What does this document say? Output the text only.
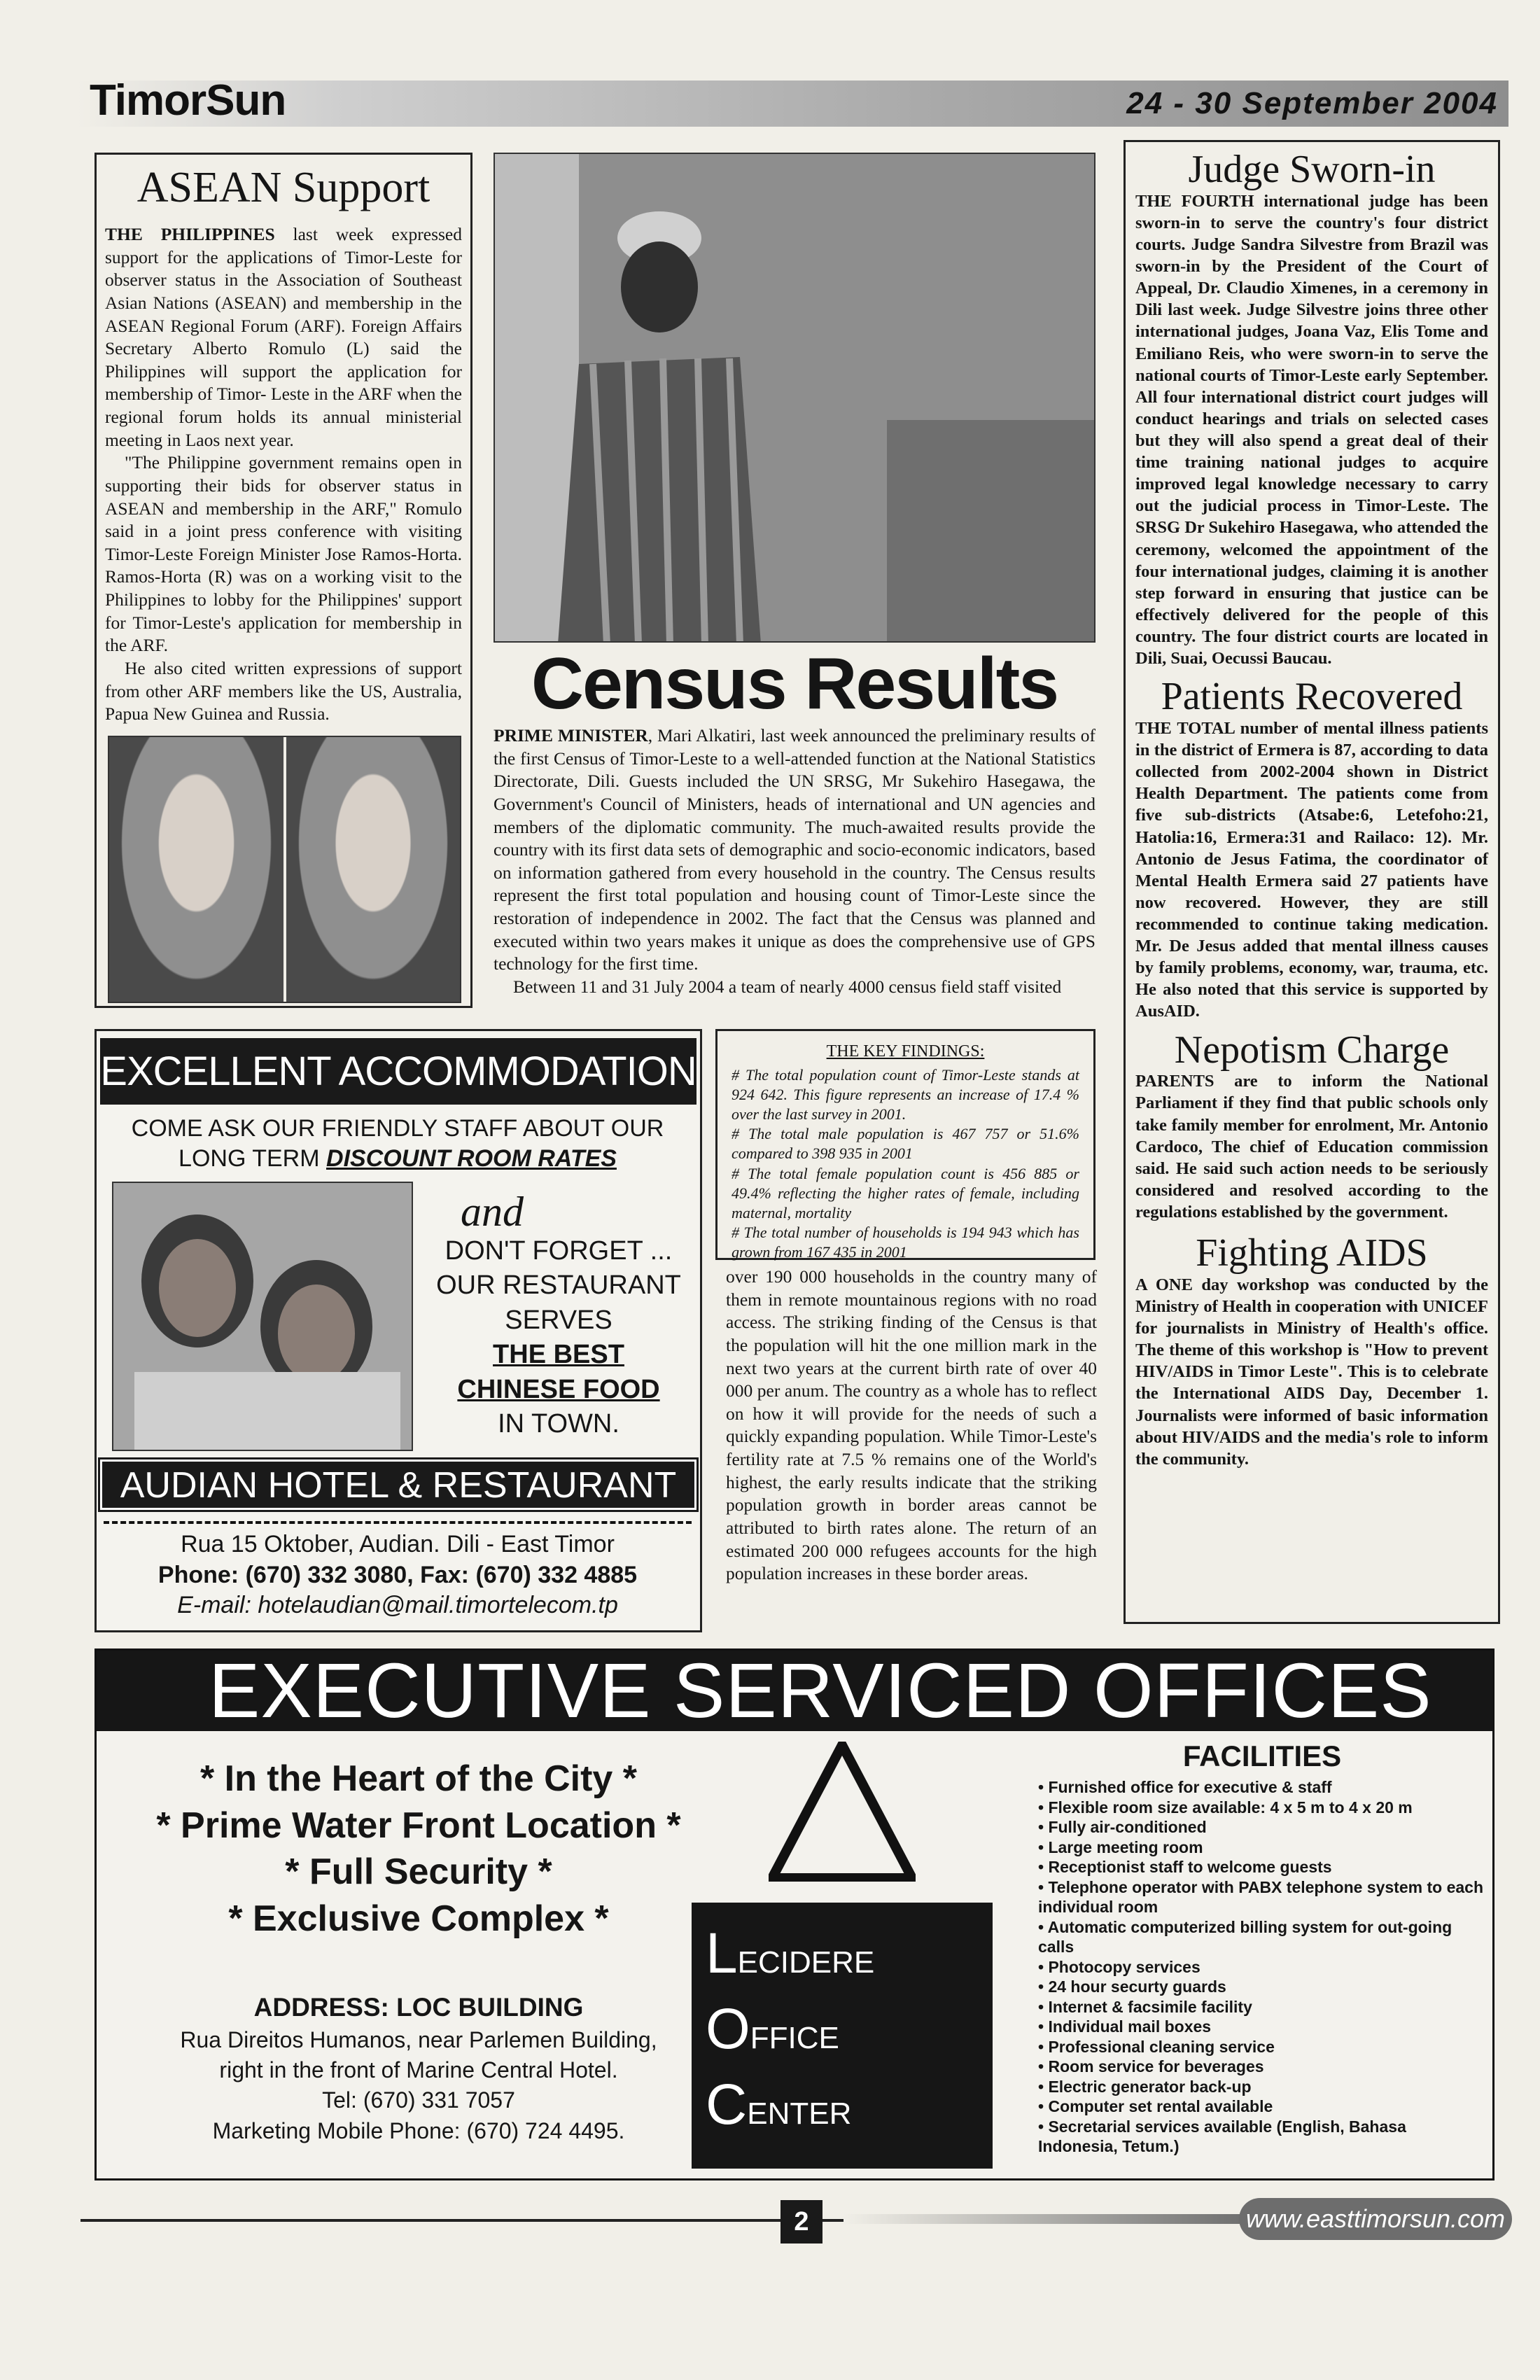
TimorSun	24 - 30 September 2004
ASEAN Support

THE PHILIPPINES last week expressed support for the applications of Timor-Leste for observer status in the Association of Southeast Asian Nations (ASEAN) and membership in the ASEAN Regional Forum (ARF). Foreign Affairs Secretary Alberto Romulo (L) said the Philippines will support the application for membership of Timor- Leste in the ARF when the regional forum holds its annual ministerial meeting in Laos next year.

"The Philippine government remains open in supporting their bids for observer status in ASEAN and membership in the ARF," Romulo said in a joint press conference with visiting Timor-Leste Foreign Minister Jose Ramos-Horta. Ramos-Horta (R) was on a working visit to the Philippines to lobby for the Philippines' support for Timor-Leste's application for membership in the ARF.

He also cited written expressions of support from other ARF members like the US, Australia, Papua New Guinea and Russia.	Census Results

PRIME MINISTER, Mari Alkatiri, last week announced the preliminary results of the first Census of Timor-Leste to a well-attended function at the National Statistics Directorate, Dili. Guests included the UN SRSG, Mr Sukehiro Hasegawa, the Government's Council of Ministers, heads of international and UN agencies and members of the diplomatic community. The much-awaited results provide the country with its first data sets of demographic and socio-economic indicators, based on information gathered from every household in the country. The Census results represent the first total population and housing count of Timor-Leste since the restoration of independence in 2002. The fact that the Census was planned and executed within two years makes it unique as does the comprehensive use of GPS technology for the first time.

Between 11 and 31 July 2004 a team of nearly 4000 census field staff visited

THE KEY FINDINGS:

# The total population count of Timor-Leste stands at 924 642. This figure represents an increase of 17.4 % over the last survey in 2001.

# The total male population is 467 757 or 51.6% compared to 398 935 in 2001

# The total female population count is 456 885 or 49.4% reflecting the higher rates of female, including maternal, mortality

# The total number of households is 194 943 which has grown from 167 435 in 2001

over 190 000 households in the country many of them in remote mountainous regions with no road access. The striking finding of the Census is that the population will hit the one million mark in the next two years at the current birth rate of over 40 000 per anum. The country as a whole has to reflect on how it will provide for the needs of such a quickly expanding population. While Timor-Leste's fertility rate at 7.5 % remains one of the World's highest, the early results indicate that the striking population growth in border areas cannot be attributed to birth rates alone. The return of an estimated 200 000 refugees accounts for the high population increases in these border areas.

Judge Sworn-in

THE FOURTH international judge has been sworn-in to serve the country's four district courts. Judge Sandra Silvestre from Brazil was sworn-in by the President of the Court of Appeal, Dr. Claudio Ximenes, in a ceremony in Dili last week. Judge Silvestre joins three other international judges, Joana Vaz, Elis Tome and Emiliano Reis, who were sworn-in to serve the national courts of Timor-Leste early September. All four international district court judges will conduct hearings and trials on selected cases but they will also spend a great deal of their time training national judges to acquire improved legal knowledge necessary to carry out the judicial process in Timor-Leste. The SRSG Dr Sukehiro Hasegawa, who attended the ceremony, welcomed the appointment of the four international judges, claiming it is another step forward in ensuring that justice can be effectively delivered for the people of this country. The four district courts are located in Dili, Suai, Oecussi Baucau.

Patients Recovered

THE TOTAL number of mental illness patients in the district of Ermera is 87, according to data collected from 2002-2004 shown in District Health Department. The patients come from five sub-districts (Atsabe:6, Letefoho:21, Hatolia:16, Ermera:31 and Railaco: 12). Mr. Antonio de Jesus Fatima, the coordinator of Mental Health Ermera said 27 patients have now recovered. However, they are still recommended to continue taking medication. Mr. De Jesus added that mental illness causes by family problems, economy, war, trauma, etc. He also noted that this service is supported by AusAID.

Nepotism Charge

PARENTS are to inform the National Parliament if they find that public schools only take family member for enrolment, Mr. Antonio Cardoco, The chief of Education commission said. He said such action needs to be seriously considered and resolved according to the regulations established by the government.

Fighting AIDS

A ONE day workshop was conducted by the Ministry of Health in cooperation with UNICEF for journalists in Ministry of Health's office. The theme of this workshop is "How to prevent HIV/AIDS in Timor Leste". This is to celebrate the International AIDS Day, December 1. Journalists were informed of basic information about HIV/AIDS and the media's role to inform the community.

EXCELLENT ACCOMMODATION
COME ASK OUR FRIENDLY STAFF ABOUT OUR
LONG TERM DISCOUNT ROOM RATES
and
DON'T FORGET ...
OUR RESTAURANT
SERVES
THE BEST
CHINESE FOOD
IN TOWN.
AUDIAN HOTEL & RESTAURANT
Rua 15 Oktober, Audian. Dili - East Timor
Phone: (670) 332 3080, Fax: (670) 332 4885
E-mail: hotelaudian@mail.timortelecom.tp
EXECUTIVE SERVICED OFFICES
* In the Heart of the City *
* Prime Water Front Location *
* Full Security *
* Exclusive Complex *
ADDRESS: LOC BUILDING
Rua Direitos Humanos, near Parlemen Building,
right in the front of Marine Central Hotel.
Tel: (670) 331 7057
Marketing Mobile Phone: (670) 724 4495.
LECIDERE
OFFICE
CENTER
FACILITIES
• Furnished office for executive & staff
• Flexible room size available: 4 x 5 m to 4 x 20 m
• Fully air-conditioned
• Large meeting room
• Receptionist staff to welcome guests
• Telephone operator with PABX telephone system to each individual room
• Automatic computerized billing system for out-going calls
• Photocopy services
• 24 hour securty guards
• Internet & facsimile facility
• Individual mail boxes
• Professional cleaning service
• Room service for beverages
• Electric generator back-up
• Computer set rental available
• Secretarial services available (English, Bahasa Indonesia, Tetum.)
2	www.easttimorsun.com
